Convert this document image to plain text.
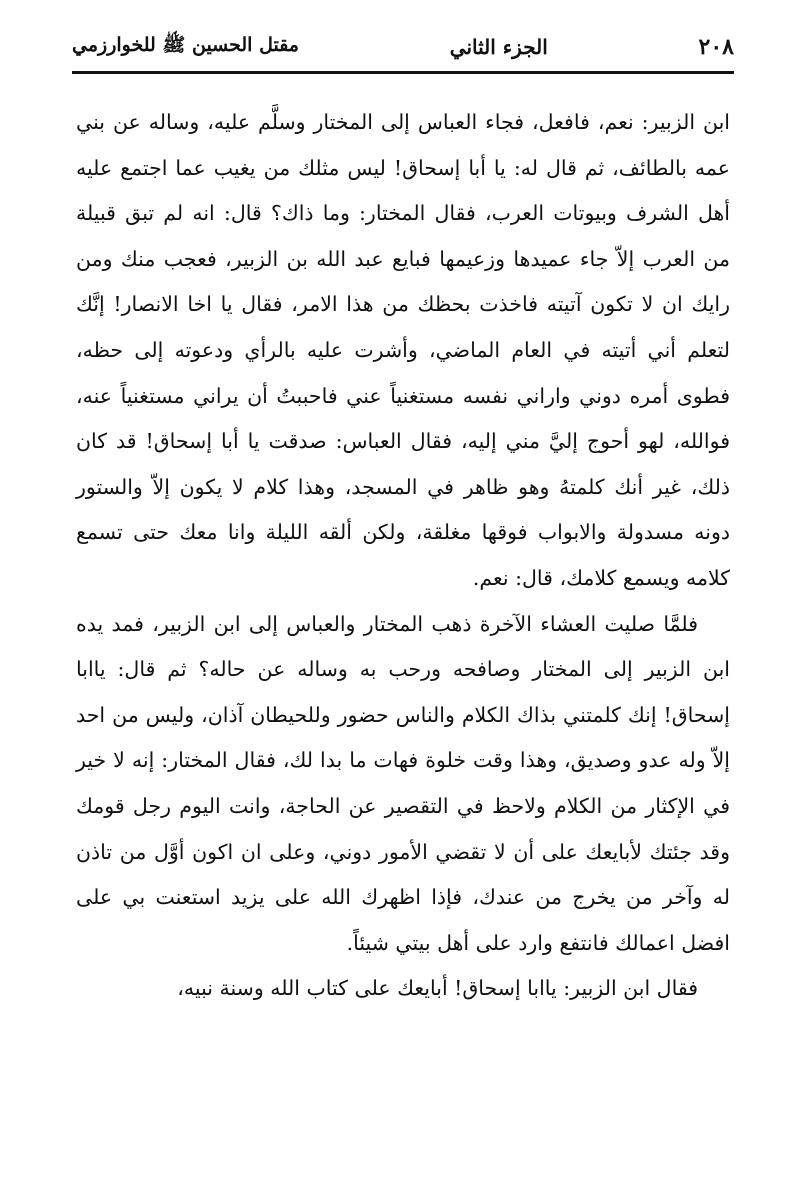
٢٠٨
الجزء الثاني
مقتل الحسين ﷺ للخوارزمي

ابن الزبير: نعم، فافعل، فجاء العباس إلى المختار وسلَّم عليه، وساله عن بني عمه بالطائف، ثم قال له: يا أبا إسحاق! ليس مثلك من يغيب عما اجتمع عليه أهل الشرف وبيوتات العرب، فقال المختار: وما ذاك؟ قال: انه لم تبق قبيلة من العرب إلاّ جاء عميدها وزعيمها فبايع عبد الله بن الزبير، فعجب منك ومن رايك ان لا تكون آتيته فاخذت بحظك من هذا الامر، فقال يا اخا الانصار! إنَّك لتعلم أني أتيته في العام الماضي، وأشرت عليه بالرأي ودعوته إلى حظه، فطوى أمره دوني واراني نفسه مستغنياً عني فاحببتُ أن يراني مستغنياً عنه، فوالله، لهو أحوج إليَّ مني إليه، فقال العباس: صدقت يا أبا إسحاق! قد كان ذلك، غير أنك كلمتهُ وهو ظاهر في المسجد، وهذا كلام لا يكون إلاّ والستور دونه مسدولة والابواب فوقها مغلقة، ولكن ألقه الليلة وانا معك حتى تسمع كلامه ويسمع كلامك، قال: نعم.

فلمَّا صليت العشاء الآخرة ذهب المختار والعباس إلى ابن الزبير، فمد يده ابن الزبير إلى المختار وصافحه ورحب به وساله عن حاله؟ ثم قال: ياابا إسحاق! إنك كلمتني بذاك الكلام والناس حضور وللحيطان آذان، وليس من احد إلاّ وله عدو وصديق، وهذا وقت خلوة فهات ما بدا لك، فقال المختار: إنه لا خير في الإكثار من الكلام ولاحظ في التقصير عن الحاجة، وانت اليوم رجل قومك وقد جئتك لأبايعك على أن لا تقضي الأمور دوني، وعلى ان اكون أوَّل من تاذن له وآخر من يخرج من عندك، فإذا اظهرك الله على يزيد استعنت بي على افضل اعمالك فانتفع وارد على أهل بيتي شيئاً.

فقال ابن الزبير: ياابا إسحاق! أبايعك على كتاب الله وسنة نبيه،
